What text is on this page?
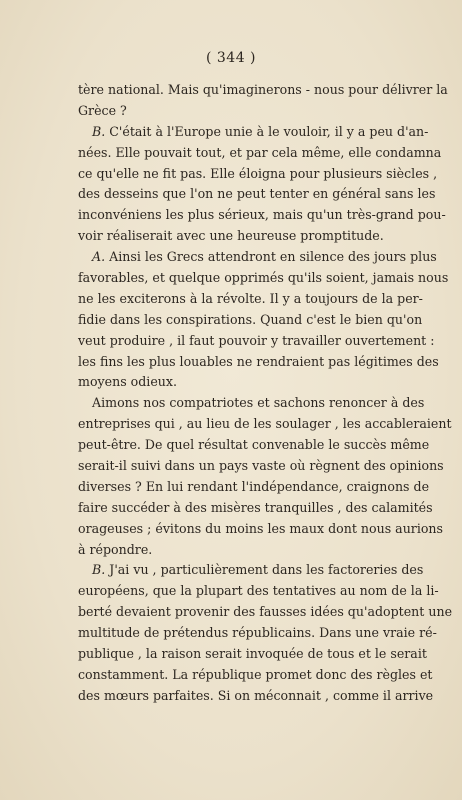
( 344 )
tère national. Mais qu'imaginerons - nous pour délivrer la
Grèce ?
B. C'était à l'Europe unie à le vouloir, il y a peu d'an-
nées. Elle pouvait tout, et par cela même, elle condamna
ce qu'elle ne fit pas. Elle éloigna pour plusieurs siècles ,
des desseins que l'on ne peut tenter en général sans les
inconvéniens les plus sérieux, mais qu'un très-grand pou-
voir réaliserait avec une heureuse promptitude.
A. Ainsi les Grecs attendront en silence des jours plus
favorables, et quelque opprimés qu'ils soient, jamais nous
ne les exciterons à la révolte. Il y a toujours de la per-
fidie dans les conspirations. Quand c'est le bien qu'on
veut produire , il faut pouvoir y travailler ouvertement :
les fins les plus louables ne rendraient pas légitimes des
moyens odieux.
Aimons nos compatriotes et sachons renoncer à des
entreprises qui , au lieu de les soulager , les accableraient
peut-être. De quel résultat convenable le succès même
serait-il suivi dans un pays vaste où règnent des opinions
diverses ? En lui rendant l'indépendance, craignons de
faire succéder à des misères tranquilles , des calamités
orageuses ; évitons du moins les maux dont nous aurions
à répondre.
B. J'ai vu , particulièrement dans les factoreries des
européens, que la plupart des tentatives au nom de la li-
berté devaient provenir des fausses idées qu'adoptent une
multitude de prétendus républicains. Dans une vraie ré-
publique , la raison serait invoquée de tous et le serait
constamment. La république promet donc des règles et
des mœurs parfaites. Si on méconnait , comme il arrive
